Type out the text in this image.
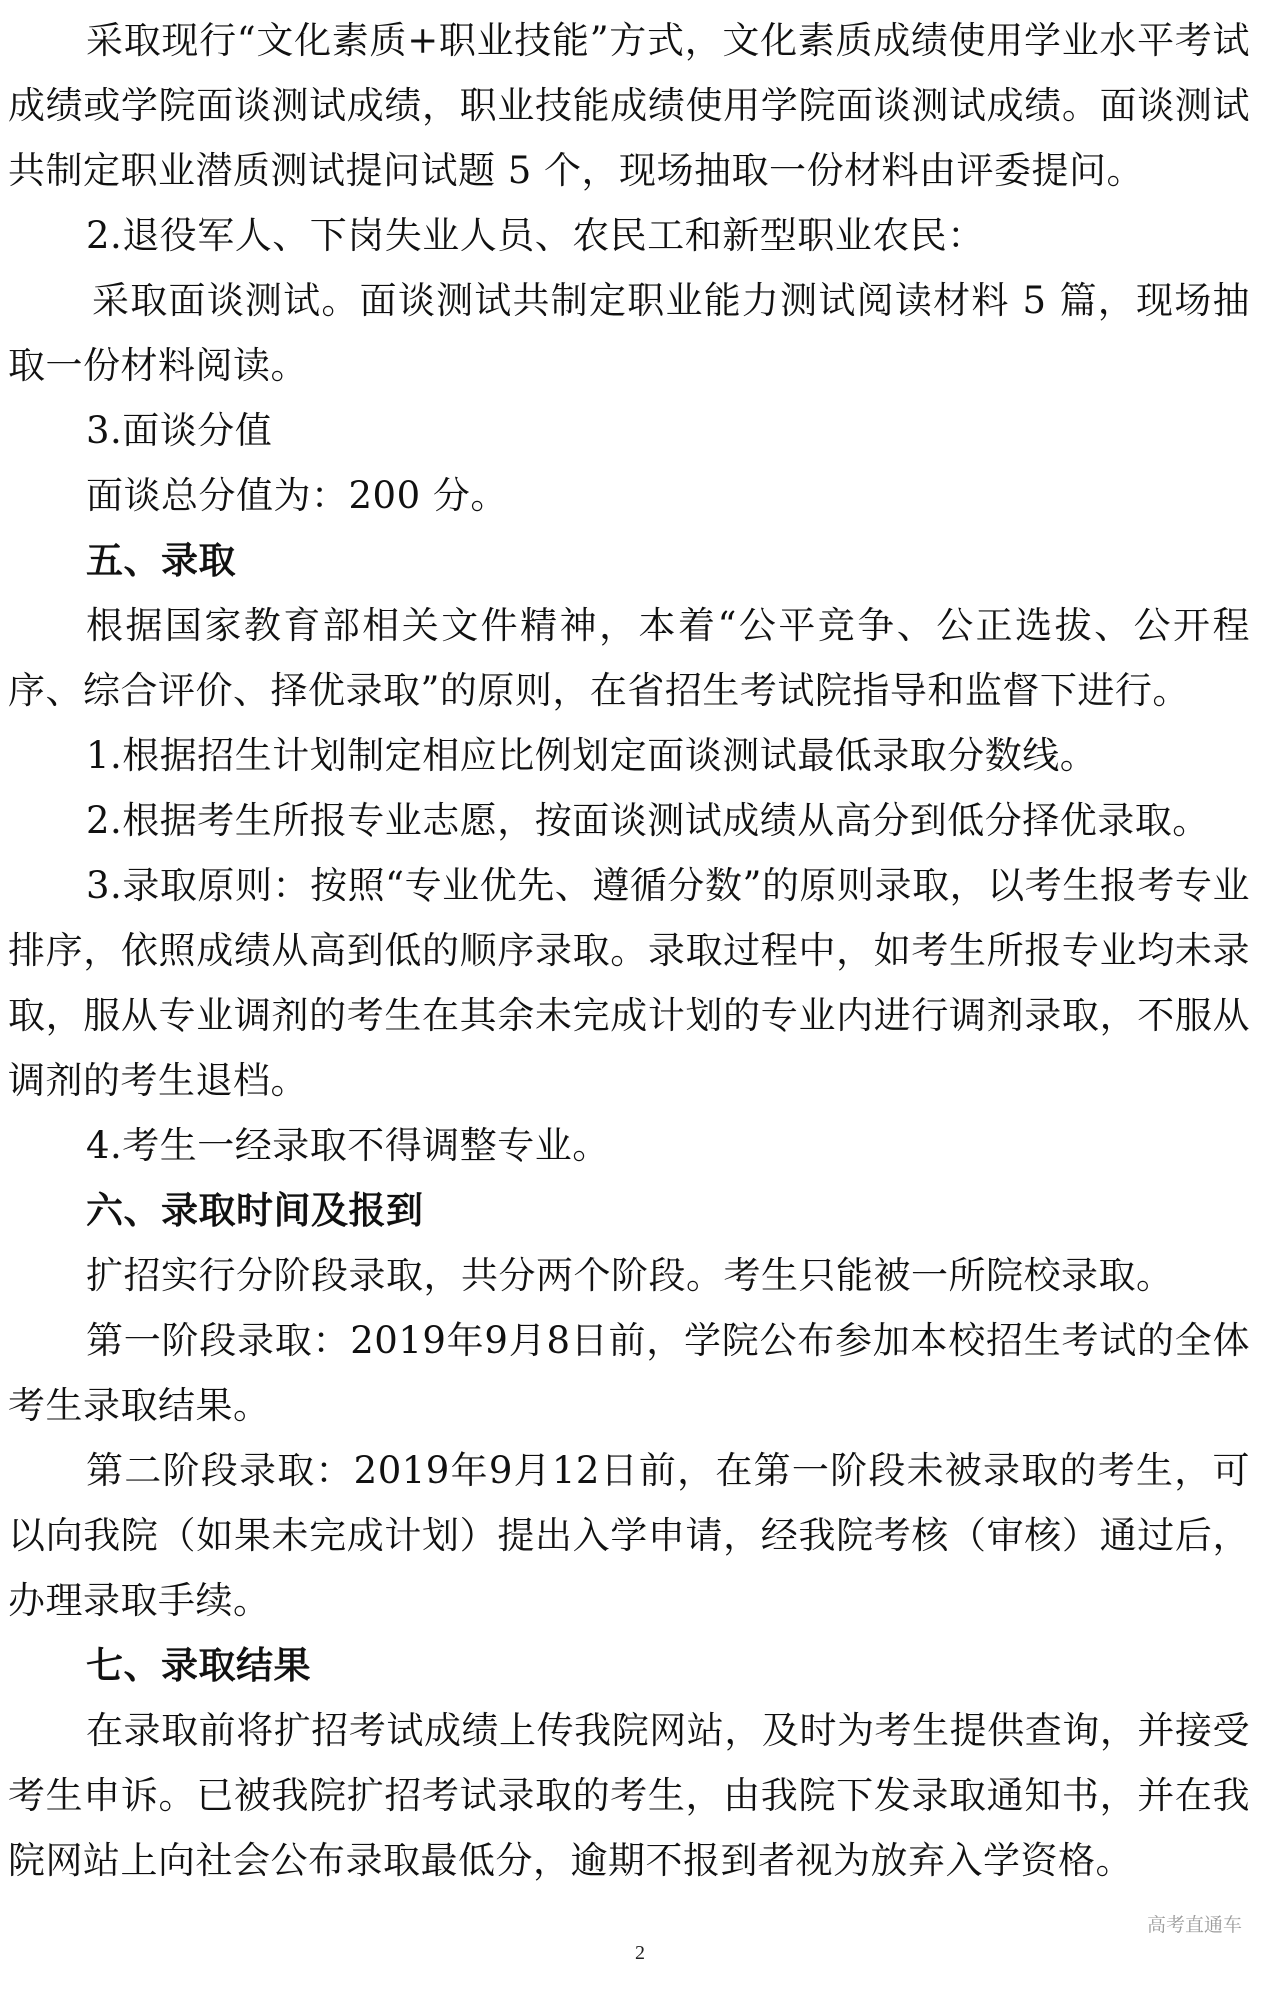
采取现行“文化素质+职业技能”方式，文化素质成绩使用学业水平考试成绩或学院面谈测试成绩，职业技能成绩使用学院面谈测试成绩。面谈测试共制定职业潜质测试提问试题 5 个，现场抽取一份材料由评委提问。

2.退役军人、下岗失业人员、农民工和新型职业农民：

采取面谈测试。面谈测试共制定职业能力测试阅读材料 5 篇，现场抽取一份材料阅读。

3.面谈分值

面谈总分值为：200 分。

五、录取

根据国家教育部相关文件精神，本着“公平竞争、公正选拔、公开程序、综合评价、择优录取”的原则，在省招生考试院指导和监督下进行。

1.根据招生计划制定相应比例划定面谈测试最低录取分数线。

2.根据考生所报专业志愿，按面谈测试成绩从高分到低分择优录取。

3.录取原则：按照“专业优先、遵循分数”的原则录取，以考生报考专业排序，依照成绩从高到低的顺序录取。录取过程中，如考生所报专业均未录取，服从专业调剂的考生在其余未完成计划的专业内进行调剂录取，不服从调剂的考生退档。

4.考生一经录取不得调整专业。

六、录取时间及报到

扩招实行分阶段录取，共分两个阶段。考生只能被一所院校录取。

第一阶段录取：2019年9月8日前，学院公布参加本校招生考试的全体考生录取结果。

第二阶段录取：2019年9月12日前，在第一阶段未被录取的考生，可以向我院（如果未完成计划）提出入学申请，经我院考核（审核）通过后，办理录取手续。

七、录取结果

在录取前将扩招考试成绩上传我院网站，及时为考生提供查询，并接受考生申诉。已被我院扩招考试录取的考生，由我院下发录取通知书，并在我院网站上向社会公布录取最低分，逾期不报到者视为放弃入学资格。

高考直通车
2
